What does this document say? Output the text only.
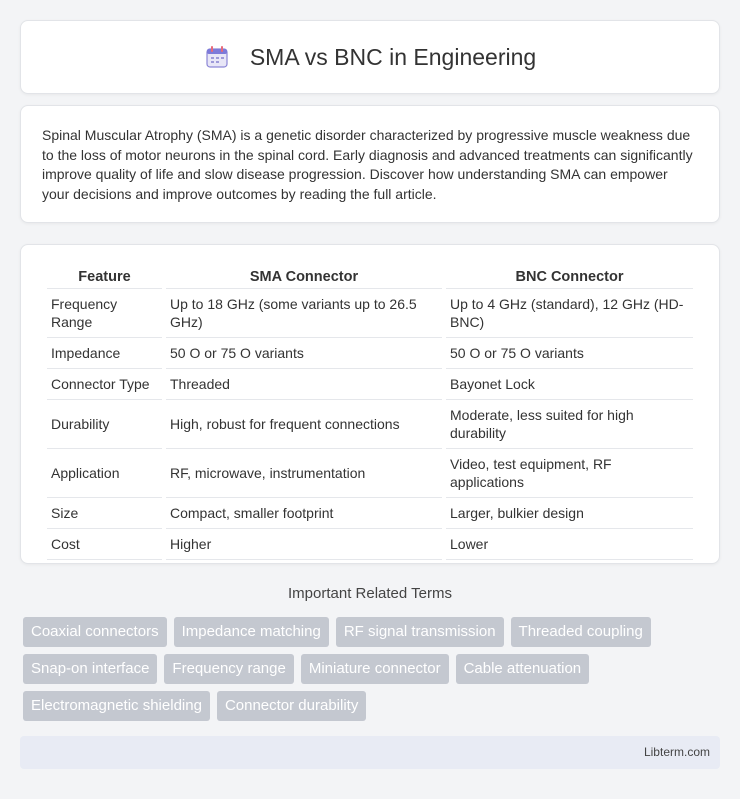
SMA vs BNC in Engineering

Spinal Muscular Atrophy (SMA) is a genetic disorder characterized by progressive muscle weakness due to the loss of motor neurons in the spinal cord. Early diagnosis and advanced treatments can significantly improve quality of life and slow disease progression. Discover how understanding SMA can empower your decisions and improve outcomes by reading the full article.

Feature	SMA Connector	BNC Connector
Frequency Range	Up to 18 GHz (some variants up to 26.5 GHz)	Up to 4 GHz (standard), 12 GHz (HD-BNC)
Impedance	50 Ο or 75 Ο variants	50 Ο or 75 Ο variants
Connector Type	Threaded	Bayonet Lock
Durability	High, robust for frequent connections	Moderate, less suited for high durability
Application	RF, microwave, instrumentation	Video, test equipment, RF applications
Size	Compact, smaller footprint	Larger, bulkier design
Cost	Higher	Lower
Important Related Terms
Coaxial connectors	Impedance matching	RF signal transmission	Threaded coupling
Snap-on interface	Frequency range	Miniature connector	Cable attenuation
Electromagnetic shielding	Connector durability
Libterm.com
